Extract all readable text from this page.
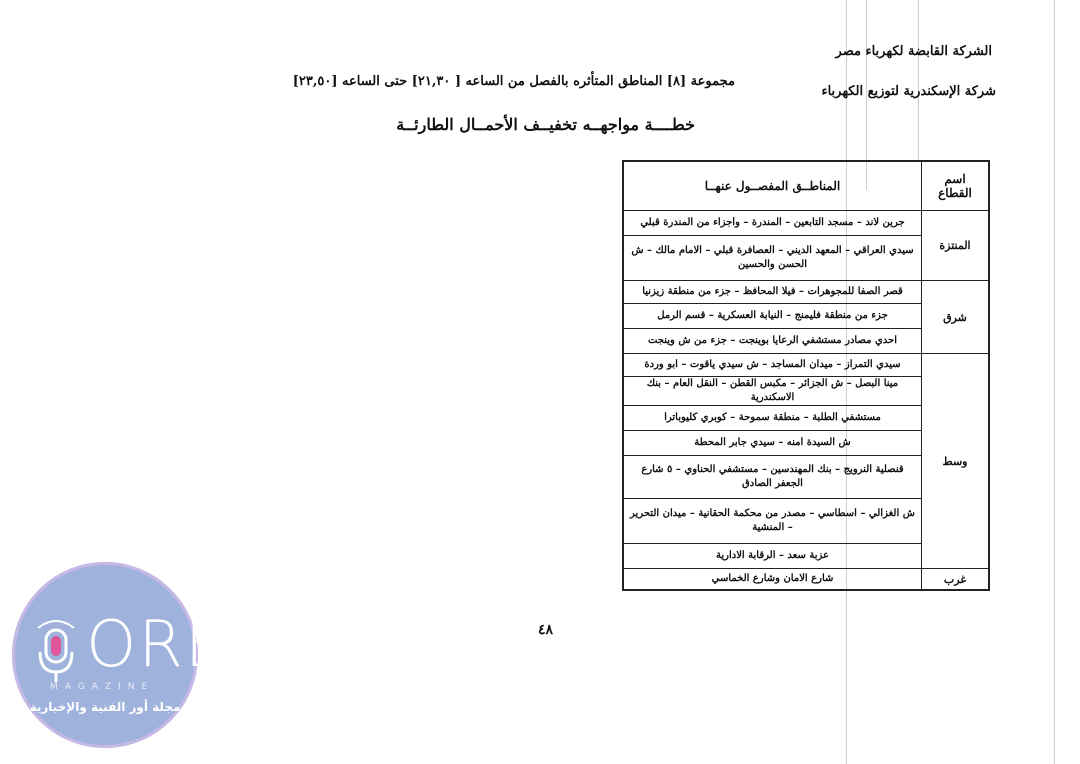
الشركة القابضة لكهرباء مصر
شركة الإسكندرية لتوزيع الكهرباء
مجموعة [٨] المناطق المتأثره بالفصل من الساعه [ ٢١,٣٠] حتى الساعه [٢٣,٥٠]
خطــــة مواجهــه تخفيــف الأحمــال الطارئــة
اسم القطاع	المناطــق المفصــول عنهــا
المنتزة	جرين لاند – مسجد التابعين – المندرة – واجزاء من المندرة قبلي
	سيدي العراقي – المعهد الديني – العصافرة قبلي – الامام مالك – ش الحسن والحسين
شرق	قصر الصفا للمجوهرات – فيلا المحافظ – جزء من منطقة زيزنيا
	جزء من منطقة فليمنج – النيابة العسكرية – قسم الرمل
	احدي مصادر مستشفي الرعايا بوينجت – جزء من ش وينجت
وسط	سيدي التمراز – ميدان المساجد – ش سيدي ياقوت – ابو وردة
	مينا البصل – ش الجزائر – مكبس القطن – النقل العام – بنك الاسكندرية
	مستشفي الطلبة – منطقة سموحة – كوبري كليوباترا
	ش السيدة امنه – سيدي جابر المحطة
	قنصلية النرويج – بنك المهندسين – مستشفي الحناوي – ٥ شارع الجعفر الصادق
	ش الغزالي – اسطاسي – مصدر من محكمة الحقانية – ميدان التحرير – المنشية
	عزبة سعد – الرقابة الادارية
غرب	شارع الامان وشارع الخماسي
٤٨
ORE
MAGAZINE
مجلة أور الفنية والإخبارية
